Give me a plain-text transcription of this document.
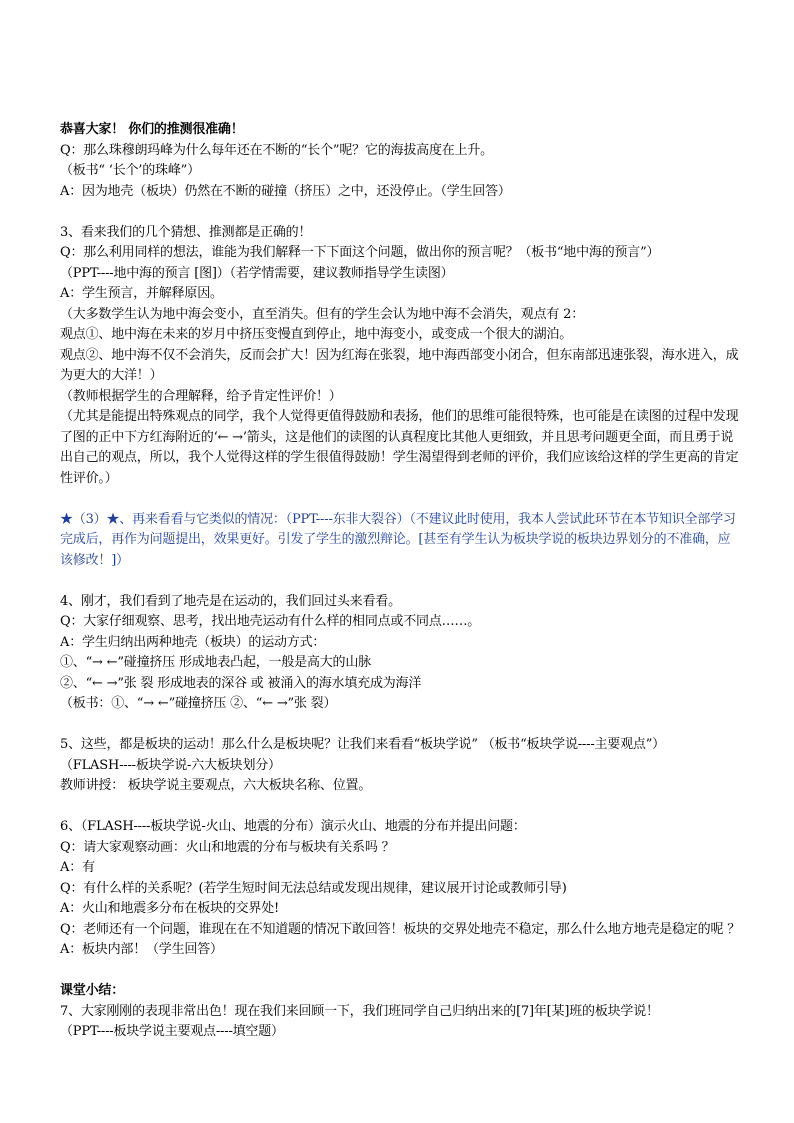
恭喜大家！ 你们的推测很准确！
Q：那么珠穆朗玛峰为什么每年还在不断的“长个”呢？它的海拔高度在上升。
（板书“ ‘长个’的珠峰”）
A：因为地壳（板块）仍然在不断的碰撞（挤压）之中，还没停止。（学生回答）
3、看来我们的几个猜想、推测都是正确的！
Q：那么利用同样的想法，谁能为我们解释一下下面这个问题，做出你的预言呢？（板书“地中海的预言”）
（PPT----地中海的预言 [图]）（若学情需要，建议教师指导学生读图）
A：学生预言，并解释原因。
（大多数学生认为地中海会变小，直至消失。但有的学生会认为地中海不会消失，观点有 2：
观点①、地中海在未来的岁月中挤压变慢直到停止，地中海变小，或变成一个很大的湖泊。
观点②、地中海不仅不会消失，反而会扩大！因为红海在张裂，地中海西部变小闭合，但东南部迅速张裂，海水进入，成为更大的大洋！）
（教师根据学生的合理解释，给予肯定性评价！）
（尤其是能提出特殊观点的同学，我个人觉得更值得鼓励和表扬，他们的思维可能很特殊，也可能是在读图的过程中发现了图的正中下方红海附近的‘← →’箭头，这是他们的读图的认真程度比其他人更细致，并且思考问题更全面，而且勇于说出自己的观点，所以，我个人觉得这样的学生很值得鼓励！学生渴望得到老师的评价，我们应该给这样的学生更高的肯定性评价。）
★（3）★、再来看看与它类似的情况：（PPT----东非大裂谷）（不建议此时使用，我本人尝试此环节在本节知识全部学习完成后，再作为问题提出，效果更好。引发了学生的激烈辩论。[甚至有学生认为板块学说的板块边界划分的不准确，应该修改！]）
4、刚才，我们看到了地壳是在运动的，我们回过头来看看。
Q：大家仔细观察、思考，找出地壳运动有什么样的相同点或不同点……。
A：学生归纳出两种地壳（板块）的运动方式：
①、“→ ←”碰撞挤压 形成地表凸起，一般是高大的山脉
②、“← →”张 裂 形成地表的深谷 或 被涌入的海水填充成为海洋
（板书：①、“→ ←”碰撞挤压 ②、“← →”张 裂）
5、这些，都是板块的运动！那么什么是板块呢？让我们来看看“板块学说” （板书“板块学说----主要观点”）
（FLASH----板块学说-六大板块划分）
教师讲授： 板块学说主要观点，六大板块名称、位置。
6、（FLASH----板块学说-火山、地震的分布）演示火山、地震的分布并提出问题：
Q：请大家观察动画：火山和地震的分布与板块有关系吗 ？
A：有
Q：有什么样的关系呢？(若学生短时间无法总结或发现出规律，建议展开讨论或教师引导)
A：火山和地震多分布在板块的交界处!
Q：老师还有一个问题，谁现在在不知道题的情况下敢回答！板块的交界处地壳不稳定，那么什么地方地壳是稳定的呢 ？
A：板块内部！（学生回答）
课堂小结：
7、大家刚刚的表现非常出色！现在我们来回顾一下，我们班同学自己归纳出来的[7]年[某]班的板块学说！
（PPT----板块学说主要观点----填空题）
